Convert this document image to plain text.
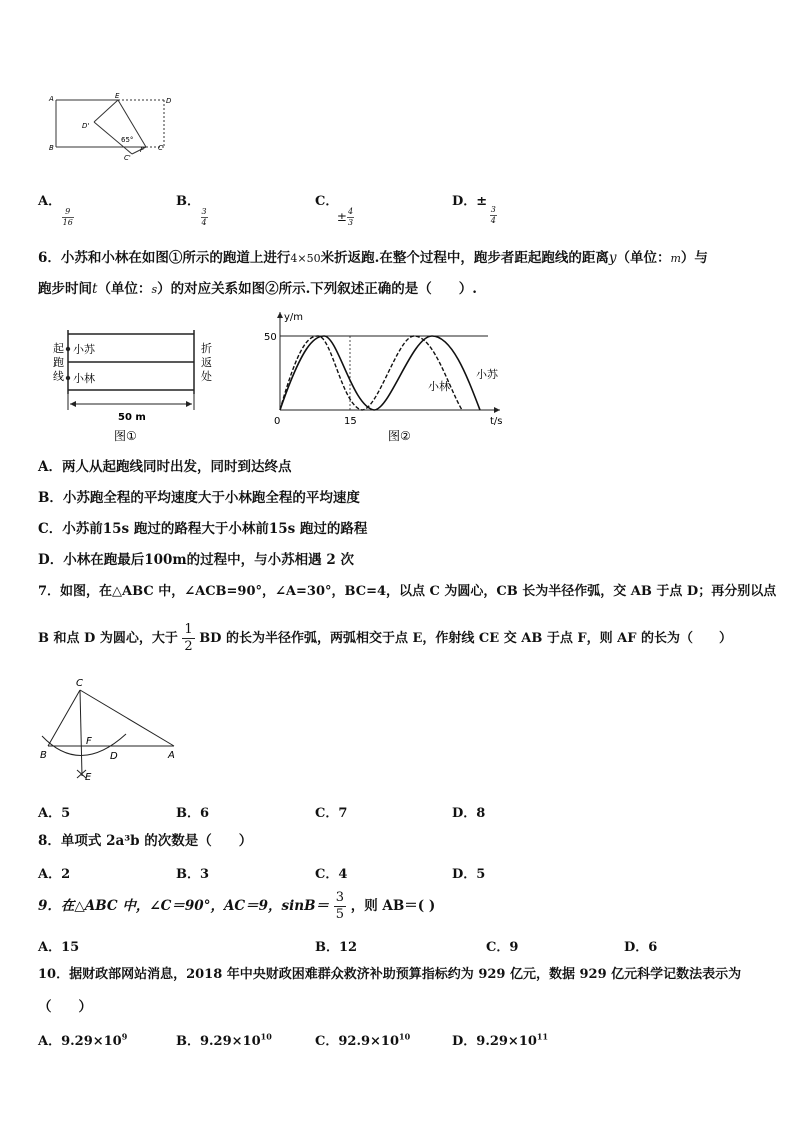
A	E
D
D'
65°
B
C'
F C
A．
$\frac{9}{16}$
B．
$\frac{3}{4}$
C． ± $\frac{4}{3}$
D．±
$\frac{3}{4}$
6．小苏和小林在如图①所示的跑道上进行4×50米折返跑.在整个过程中，跑步者距起跑线的距离y（单位：m）与
跑步时间t（单位：s）的对应关系如图②所示.下列叙述正确的是（　　）.
起
跑
线
小苏
小林
折
返
处
50 m
图①
y/m
t/s
50
0	15
小苏
小林
图②
A．两人从起跑线同时出发，同时到达终点
B．小苏跑全程的平均速度大于小林跑全程的平均速度
C．小苏前15s 跑过的路程大于小林前15s 跑过的路程
D．小林在跑最后100m的过程中，与小苏相遇 2 次
7．如图，在△ABC 中，∠ACB=90°，∠A=30°，BC=4，以点 C 为圆心，CB 长为半径作弧，交 AB 于点 D；再分别以点
B 和点 D 为圆心，大于 $\frac{1}{2}$ BD 的长为半径作弧，两弧相交于点 E，作射线 CE 交 AB 于点 F，则 AF 的长为（　　）
C
F
B	D	A
E
A．5	B．6	C．7	D．8
8．单项式 2a³b 的次数是（　　）
A．2	B．3	C．4	D．5
9．在△ABC 中，∠C＝90°，AC＝9，$\sin B= \frac{3}{5}$ ，则 AB＝( )
A．15	B．12	C．9	D．6
10．据财政部网站消息，2018 年中央财政困难群众救济补助预算指标约为 929 亿元，数据 929 亿元科学记数法表示为
（　　）
A．$9.29\times 10^9$	B．$9.29\times 10^{10}$	C．$92.9\times 10^{10}$	D．$9.29\times 10^{11}$
